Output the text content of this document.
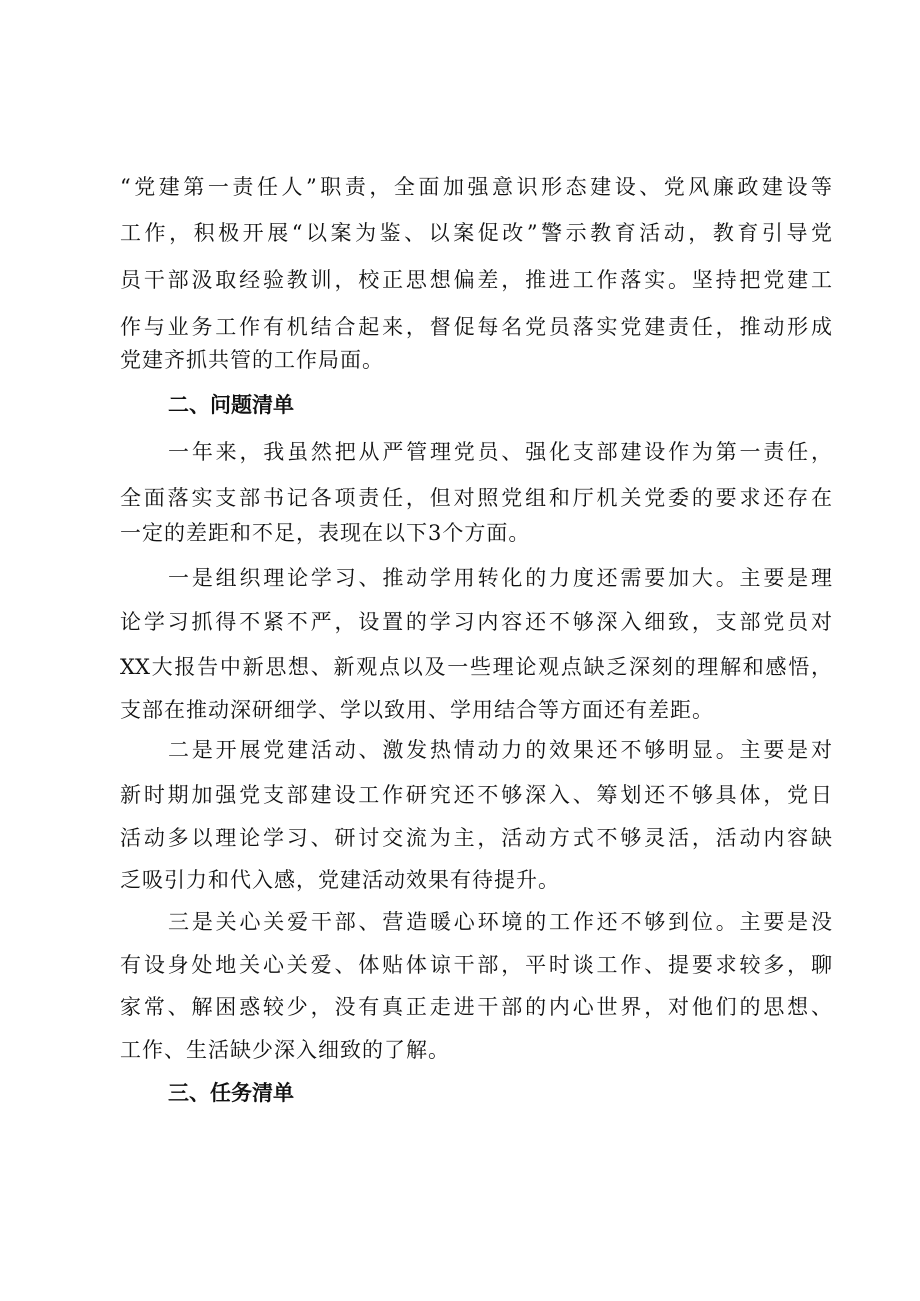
“党建第一责任人”职责，全面加强意识形态建设、党风廉政建设等
工作，积极开展“以案为鉴、以案促改”警示教育活动，教育引导党
员干部汲取经验教训，校正思想偏差，推进工作落实。坚持把党建工
作与业务工作有机结合起来，督促每名党员落实党建责任，推动形成
党建齐抓共管的工作局面。
二、问题清单
一年来，我虽然把从严管理党员、强化支部建设作为第一责任，
全面落实支部书记各项责任，但对照党组和厅机关党委的要求还存在
一定的差距和不足，表现在以下3个方面。
一是组织理论学习、推动学用转化的力度还需要加大。主要是理
论学习抓得不紧不严，设置的学习内容还不够深入细致，支部党员对
XX大报告中新思想、新观点以及一些理论观点缺乏深刻的理解和感悟，
支部在推动深研细学、学以致用、学用结合等方面还有差距。
二是开展党建活动、激发热情动力的效果还不够明显。主要是对
新时期加强党支部建设工作研究还不够深入、筹划还不够具体，党日
活动多以理论学习、研讨交流为主，活动方式不够灵活，活动内容缺
乏吸引力和代入感，党建活动效果有待提升。
三是关心关爱干部、营造暖心环境的工作还不够到位。主要是没
有设身处地关心关爱、体贴体谅干部，平时谈工作、提要求较多，聊
家常、解困惑较少，没有真正走进干部的内心世界，对他们的思想、
工作、生活缺少深入细致的了解。
三、任务清单
